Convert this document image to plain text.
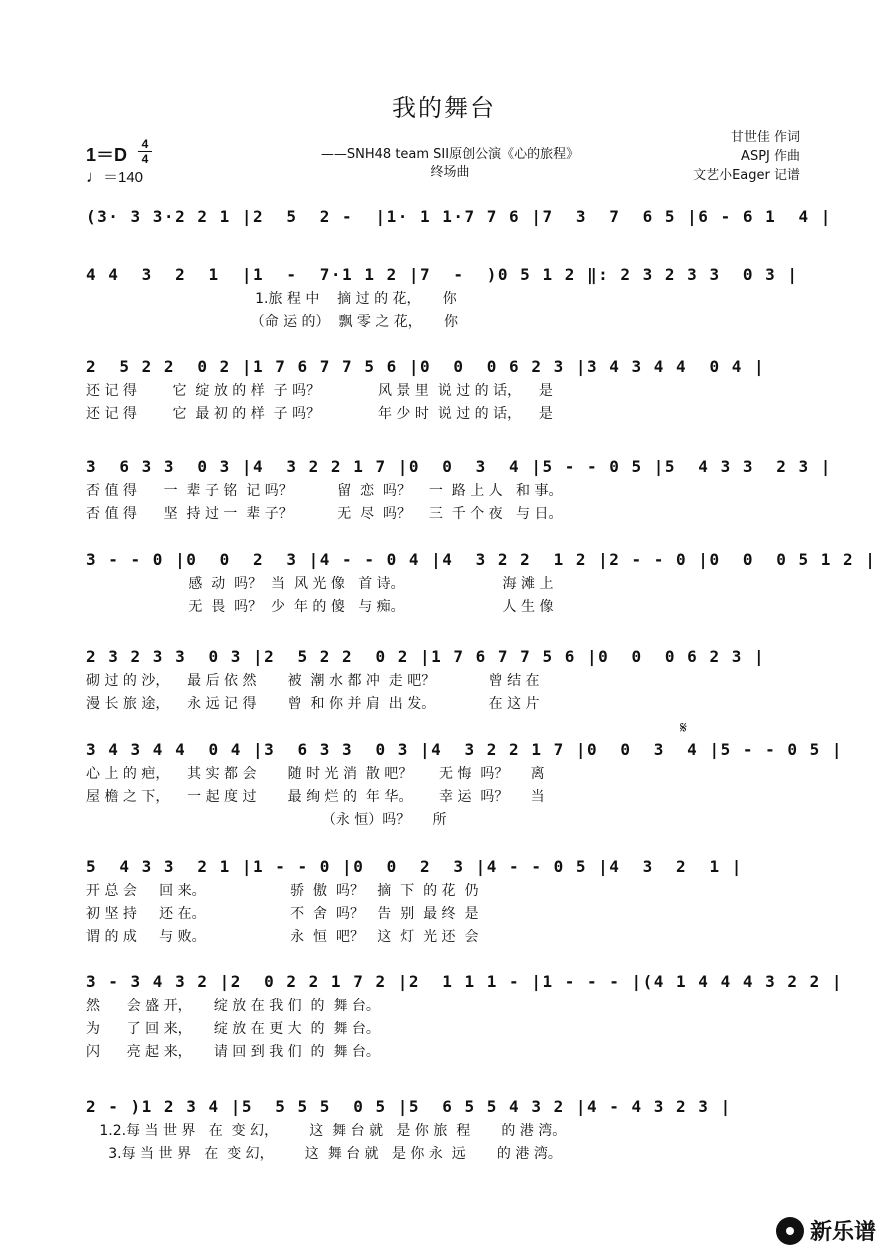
我的舞台
1＝D
4
4
♩＝140
——SNH48 team SII原创公演《心的旅程》
终场曲
甘世佳 作词
ASPJ 作曲
文艺小Eager 记谱
𝄋
(3· 3 3·2 2 1 |2  5  2 -  |1· 1 1·7 7 6 |7  3  7  6 5 |6 - 6 1  4 |
4 4  3  2  1  |1  -  7·1 1 2 |7  -  )0 5 1 2 ‖: 2 3 2 3 3  0 3 |
1.旅 程 中    摘 过 的 花，     你
（命 运 的）  飘 零 之 花，     你
2  5 2 2  0 2 |1 7 6 7 7 5 6 |0  0  0 6 2 3 |3 4 3 4 4  0 4 |
还 记 得        它  绽 放 的 样  子 吗？             风 景 里  说 过 的 话，    是
还 记 得        它  最 初 的 样  子 吗？             年 少 时  说 过 的 话，    是
3  6 3 3  0 3 |4  3 2 2 1 7 |0  0  3  4 |5 - - 0 5 |5  4 3 3  2 3 |
否 值 得      一  辈 子 铭  记 吗？          留  恋  吗？    一  路 上 人   和 事。
否 值 得      坚  持 过 一  辈 子？          无  尽  吗？    三  千 个 夜   与 日。
3 - - 0 |0  0  2  3 |4 - - 0 4 |4  3 2 2  1 2 |2 - - 0 |0  0  0 5 1 2 |
感  动  吗？  当  风 光 像   首 诗。                      海 滩 上
无  畏  吗？  少  年 的 傻   与 痴。                      人 生 像
2 3 2 3 3  0 3 |2  5 2 2  0 2 |1 7 6 7 7 5 6 |0  0  0 6 2 3 |
砌 过 的 沙，    最 后 依 然       被  潮 水 都 冲  走 吧？            曾 结 在
漫 长 旅 途，    永 远 记 得       曾  和 你 并 肩  出 发。            在 这 片
3 4 3 4 4  0 4 |3  6 3 3  0 3 |4  3 2 2 1 7 |0  0  3  4 |5 - - 0 5 |
心 上 的 疤，    其 实 都 会       随 时 光 消  散 吧？      无 悔  吗？     离
屋 檐 之 下，    一 起 度 过       最 绚 烂 的  年 华。      幸 运  吗？     当
（永 恒）吗？     所
5  4 3 3  2 1 |1 - - 0 |0  0  2  3 |4 - - 0 5 |4  3  2  1 |
开 总 会     回 来。                   骄  傲  吗？   摘  下  的 花  仍
初 坚 持     还 在。                   不  舍  吗？   告  别  最 终  是
谓 的 成     与 败。                   永  恒  吧？   这  灯  光 还  会
3 - 3 4 3 2 |2  0 2 2 1 7 2 |2  1 1 1 - |1 - - - |(4 1 4 4 4 3 2 2 |
然      会 盛 开，     绽 放 在 我 们  的  舞 台。
为      了 回 来，     绽 放 在 更 大  的  舞 台。
闪      亮 起 来，     请 回 到 我 们  的  舞 台。
2 - )1 2 3 4 |5  5 5 5  0 5 |5  6 5 5 4 3 2 |4 - 4 3 2 3 |
1.2.每 当 世 界   在  变 幻，       这  舞 台 就   是 你 旅  程       的 港 湾。
3.每 当 世 界   在  变 幻，       这  舞 台 就   是 你 永  远       的 港 湾。
新乐谱
